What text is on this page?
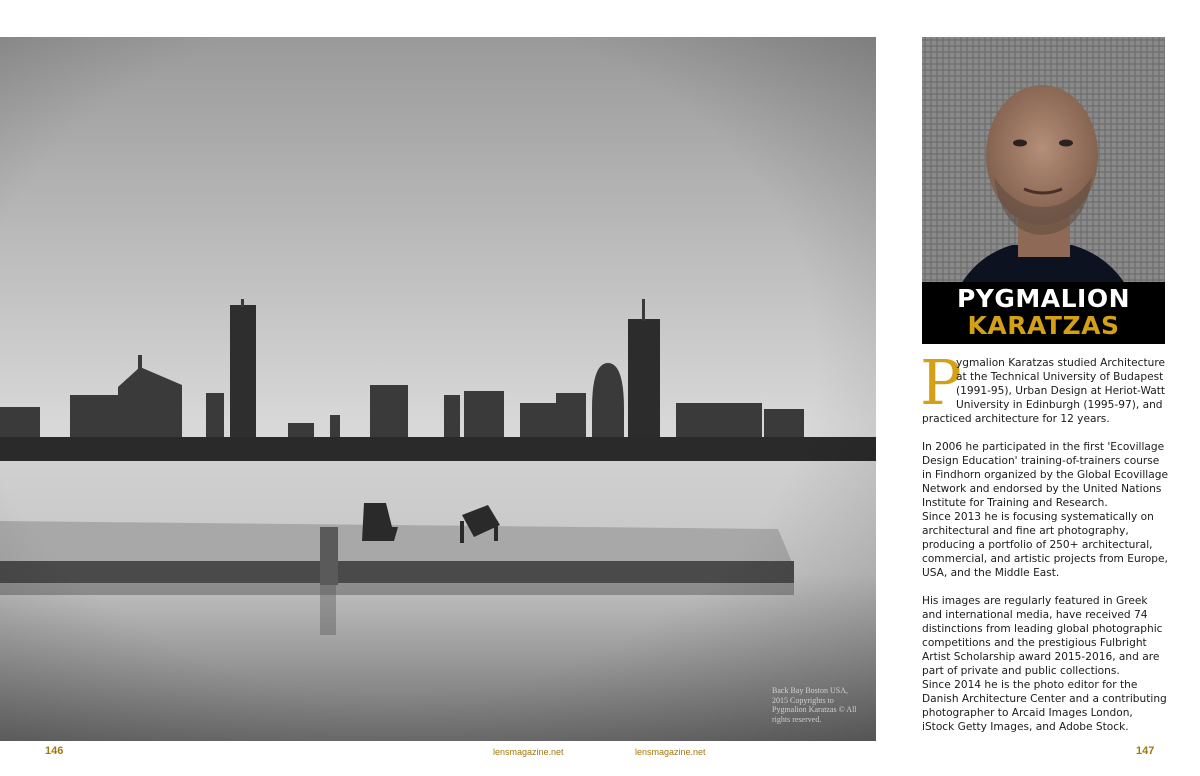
Back Bay Boston USA, 2015 Copyrights to Pygmalion Karatzas © All rights reserved.
146	lensmagazine.net	lensmagazine.net	147
PYGMALION
KARATZAS

P
ygmalion Karatzas studied Architecture at the Technical University of Budapest (1991-95), Urban Design at Heriot-Watt University in Edinburgh (1995-97), and practiced architecture for 12 years.

In 2006 he participated in the first 'Ecovillage Design Education' training-of-trainers course in Findhorn organized by the Global Ecovillage Network and endorsed by the United Nations Institute for Training and Research.

Since 2013 he is focusing systematically on architectural and fine art photography, producing a portfolio of 250+ architectural, commercial, and artistic projects from Europe, USA, and the Middle East.

His images are regularly featured in Greek and international media, have received 74 distinctions from leading global photographic competitions and the prestigious Fulbright Artist Scholarship award 2015-2016, and are part of private and public collections.

Since 2014 he is the photo editor for the Danish Architecture Center and a contributing photographer to Arcaid Images London, iStock Getty Images, and Adobe Stock.
